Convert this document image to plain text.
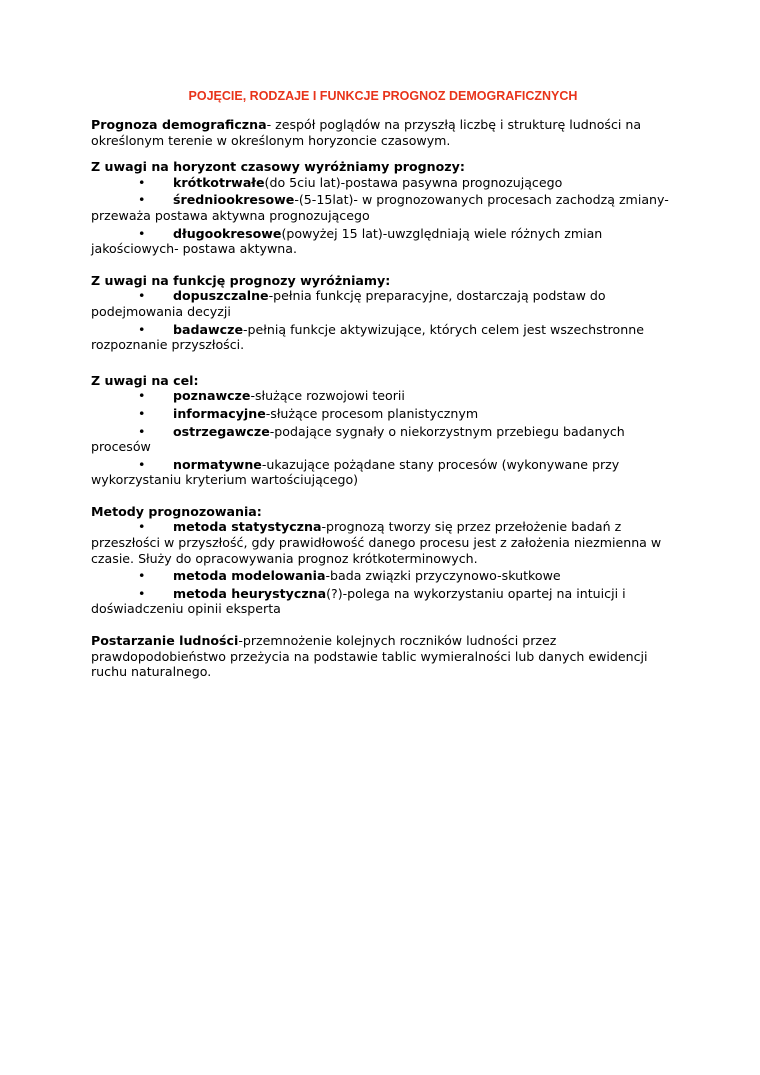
POJĘCIE, RODZAJE I FUNKCJE PROGNOZ DEMOGRAFICZNYCH

Prognoza demograficzna- zespół poglądów na przyszłą liczbę i strukturę ludności na określonym terenie w określonym horyzoncie czasowym.

Z uwagi na horyzont czasowy wyróżniamy prognozy:

• krótkotrwałe(do 5ciu lat)-postawa pasywna prognozującego
• średniookresowe-(5-15lat)- w prognozowanych procesach zachodzą zmiany-przeważa postawa aktywna prognozującego
• długookresowe(powyżej 15 lat)-uwzględniają wiele różnych zmian jakościowych- postawa aktywna.

Z uwagi na funkcję prognozy wyróżniamy:

• dopuszczalne-pełnia funkcję preparacyjne, dostarczają podstaw do podejmowania decyzji
• badawcze-pełnią funkcje aktywizujące, których celem jest wszechstronne rozpoznanie przyszłości.

Z uwagi na cel:

• poznawcze-służące rozwojowi teorii
• informacyjne-służące procesom planistycznym
• ostrzegawcze-podające sygnały o niekorzystnym przebiegu badanych procesów
• normatywne-ukazujące pożądane stany procesów (wykonywane przy wykorzystaniu kryterium wartościującego)

Metody prognozowania:

• metoda statystyczna-prognozą tworzy się przez przełożenie badań z przeszłości w przyszłość, gdy prawidłowość danego procesu jest z założenia niezmienna w czasie. Służy do opracowywania prognoz krótkoterminowych.
• metoda modelowania-bada związki przyczynowo-skutkowe
• metoda heurystyczna(?)-polega na wykorzystaniu opartej na intuicji i doświadczeniu opinii eksperta

Postarzanie ludności-przemnożenie kolejnych roczników ludności przez prawdopodobieństwo przeżycia na podstawie tablic wymieralności lub danych ewidencji ruchu naturalnego.
